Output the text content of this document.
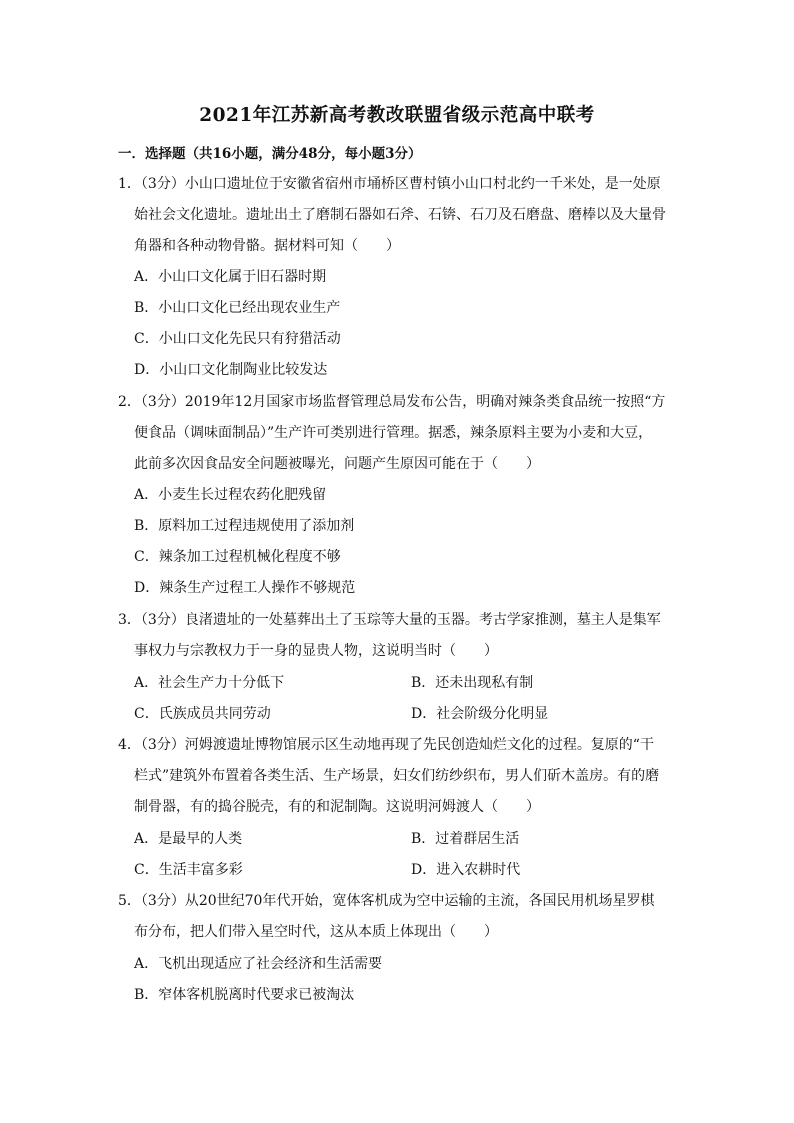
2021年江苏新高考教改联盟省级示范高中联考
一．选择题（共16小题，满分48分，每小题3分）
1．（3分）小山口遗址位于安徽省宿州市埇桥区曹村镇小山口村北约一千米处，是一处原
始社会文化遗址。遗址出土了磨制石器如石斧、石锛、石刀及石磨盘、磨棒以及大量骨
角器和各种动物骨骼。据材料可知（　　）
A．小山口文化属于旧石器时期
B．小山口文化已经出现农业生产
C．小山口文化先民只有狩猎活动
D．小山口文化制陶业比较发达
2．（3分）2019年12月国家市场监督管理总局发布公告，明确对辣条类食品统一按照“方
便食品（调味面制品）”生产许可类别进行管理。据悉，辣条原料主要为小麦和大豆，
此前多次因食品安全问题被曝光，问题产生原因可能在于（　　）
A．小麦生长过程农药化肥残留
B．原料加工过程违规使用了添加剂
C．辣条加工过程机械化程度不够
D．辣条生产过程工人操作不够规范
3．（3分）良渚遗址的一处墓葬出土了玉琮等大量的玉器。考古学家推测，墓主人是集军
事权力与宗教权力于一身的显贵人物，这说明当时（　　）
A．社会生产力十分低下	B．还未出现私有制
C．氏族成员共同劳动	D．社会阶级分化明显
4．（3分）河姆渡遗址博物馆展示区生动地再现了先民创造灿烂文化的过程。复原的“干
栏式”建筑外布置着各类生活、生产场景，妇女们纺纱织布，男人们斫木盖房。有的磨
制骨器，有的捣谷脱壳，有的和泥制陶。这说明河姆渡人（　　）
A．是最早的人类	B．过着群居生活
C．生活丰富多彩	D．进入农耕时代
5．（3分）从20世纪70年代开始，宽体客机成为空中运输的主流，各国民用机场星罗棋
布分布，把人们带入星空时代，这从本质上体现出（　　）
A．飞机出现适应了社会经济和生活需要
B．窄体客机脱离时代要求已被淘汰
